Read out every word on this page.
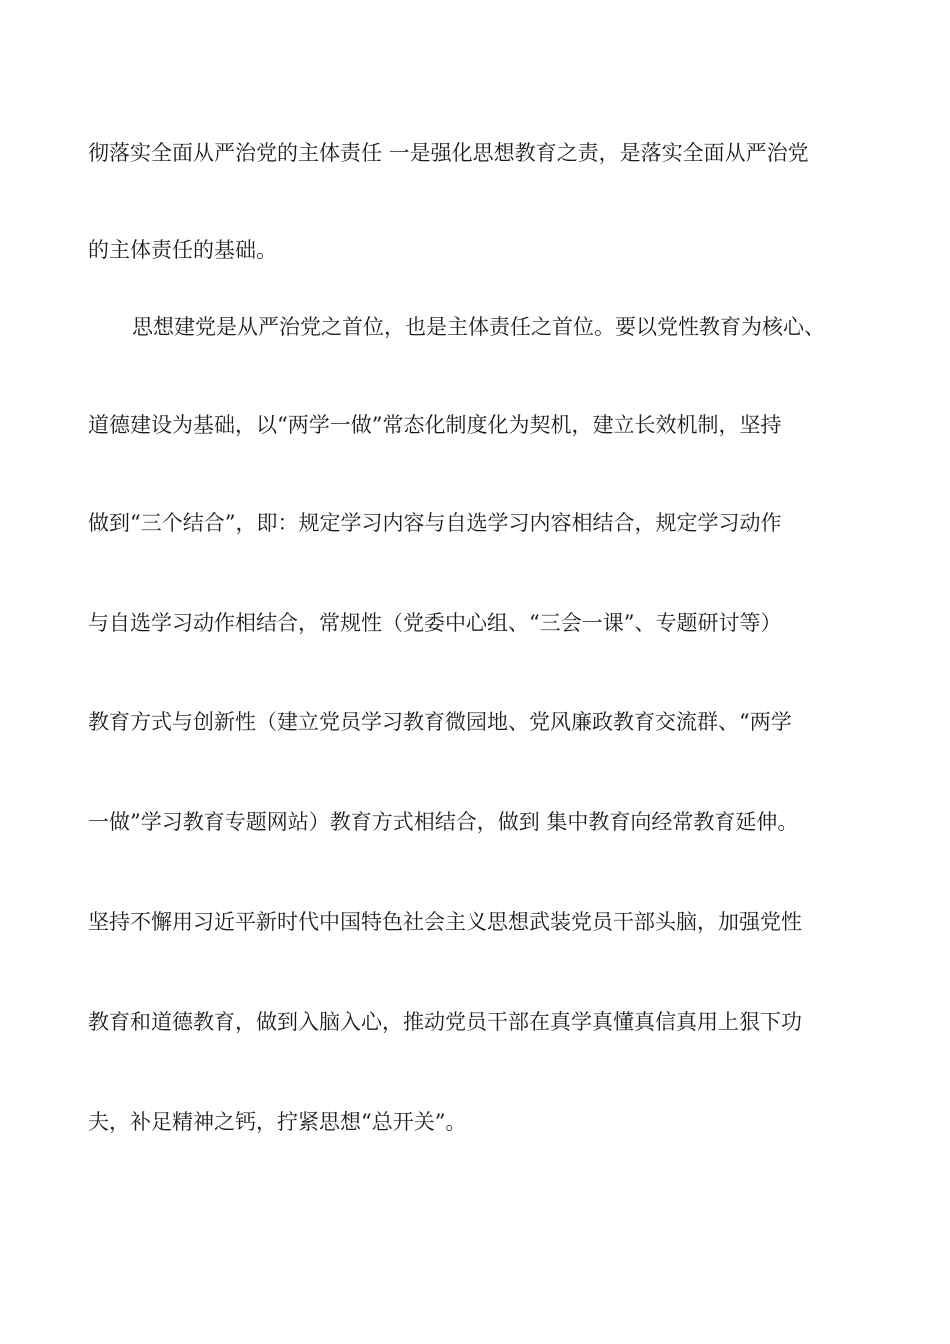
彻落实全面从严治党的主体责任 一是强化思想教育之责，是落实全面从严治党

的主体责任的基础。

思想建党是从严治党之首位，也是主体责任之首位。要以党性教育为核心、

道德建设为基础，以“两学一做”常态化制度化为契机，建立长效机制，坚持

做到“三个结合”，即：规定学习内容与自选学习内容相结合，规定学习动作

与自选学习动作相结合，常规性（党委中心组、“三会一课”、专题研讨等）

教育方式与创新性（建立党员学习教育微园地、党风廉政教育交流群、“两学

一做”学习教育专题网站）教育方式相结合，做到 集中教育向经常教育延伸。

坚持不懈用习近平新时代中国特色社会主义思想武装党员干部头脑，加强党性

教育和道德教育，做到入脑入心，推动党员干部在真学真懂真信真用上狠下功

夫，补足精神之钙，拧紧思想“总开关”。
